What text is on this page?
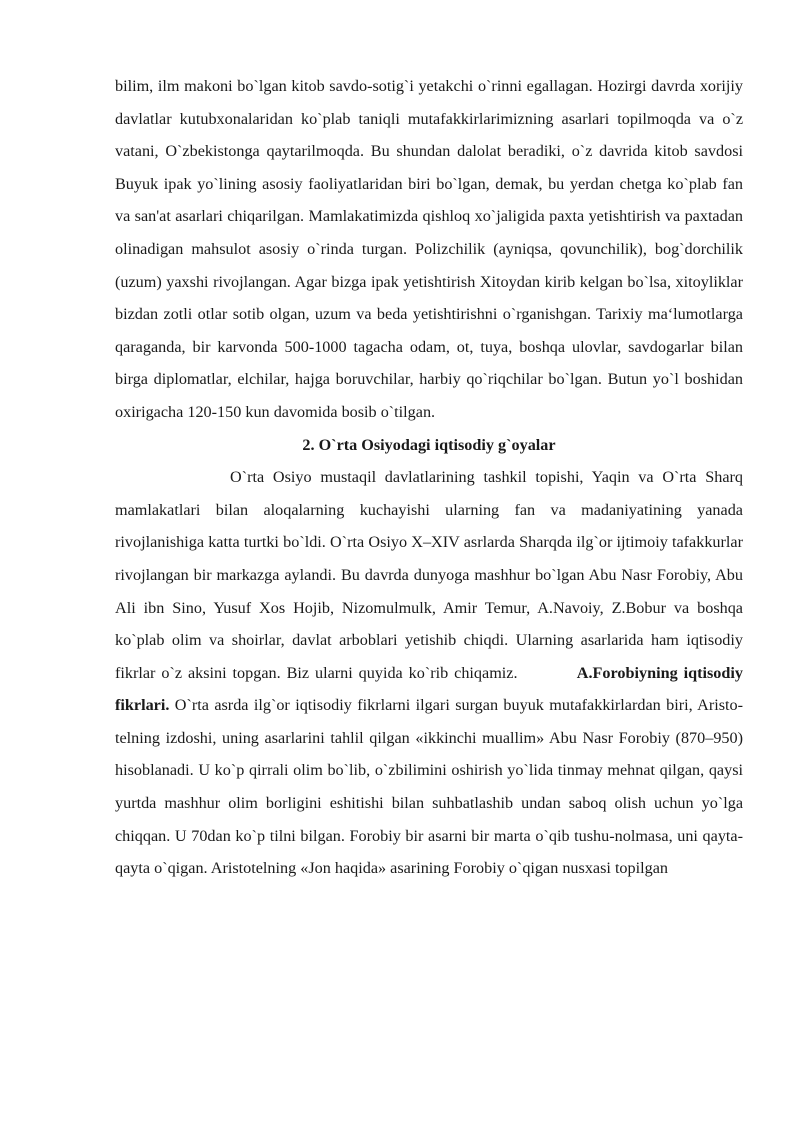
bilim, ilm makoni bo`lgan kitob savdo-sotig`i yetakchi o`rinni egallagan. Hozirgi davrda xorijiy davlatlar kutubxonalaridan ko`plab taniqli mutafakkirlarimizning asarlari topilmoqda va o`z vatani, O`zbekistonga qaytarilmoqda. Bu shundan dalolat beradiki, o`z davrida kitob savdosi Buyuk ipak yo`lining asosiy faoliyatlaridan biri bo`lgan, demak, bu yerdan chetga ko`plab fan va san'at asarlari chiqarilgan. Mamlakatimizda qishloq xo`jaligida paxta yetishtirish va paxtadan olinadigan mahsulot asosiy o`rinda turgan. Polizchilik (ayniqsa, qovunchilik), bog`dorchilik (uzum) yaxshi rivojlangan. Agar bizga ipak yetishtirish Xitoydan kirib kelgan bo`lsa, xitoyliklar bizdan zotli otlar sotib olgan, uzum va beda yetishtirishni o`rganishgan. Tarixiy ma‘lumotlarga qaraganda, bir karvonda 500-1000 tagacha odam, ot, tuya, boshqa ulovlar, savdogarlar bilan birga diplomatlar, elchilar, hajga boruvchilar, harbiy qo`riqchilar bo`lgan. Butun yo`l boshidan oxirigacha 120-150 kun davomida bosib o`tilgan.

2. O`rta Osiyodagi iqtisodiy g`oyalar

O`rta Osiyo mustaqil davlatlarining tashkil topishi, Yaqin va O`rta Sharq mamlakatlari bilan aloqalarning kuchayishi ularning fan va madaniyatining yanada rivojlanishiga katta turtki bo`ldi. O`rta Osiyo X–XIV asrlarda Sharqda ilg`or ijtimoiy tafakkurlar rivojlangan bir markazga aylandi. Bu davrda dunyoga mashhur bo`lgan Abu Nasr Forobiy, Abu Ali ibn Sino, Yusuf Xos Hojib, Nizomulmulk, Amir Temur, A.Navoiy, Z.Bobur va boshqa ko`plab olim va shoirlar, davlat arboblari yetishib chiqdi. Ularning asarlarida ham iqtisodiy fikrlar o`z aksini topgan. Biz ularni quyida ko`rib chiqamiz.	A.Forobiyning iqtisodiy fikrlari. O`rta asrda ilg`or iqtisodiy fikrlarni ilgari surgan buyuk mutafakkirlardan biri, Aristo-telning izdoshi, uning asarlarini tahlil qilgan «ikkinchi muallim» Abu Nasr Forobiy (870–950) hisoblanadi. U ko`p qirrali olim bo`lib, o`zbilimini oshirish yo`lida tinmay mehnat qilgan, qaysi yurtda mashhur olim borligini eshitishi bilan suhbatlashib undan saboq olish uchun yo`lga chiqqan. U 70dan ko`p tilni bilgan. Forobiy bir asarni bir marta o`qib tushu-nolmasa, uni qayta-qayta o`qigan. Aristotelning «Jon haqida» asarining Forobiy o`qigan nusxasi topilgan
